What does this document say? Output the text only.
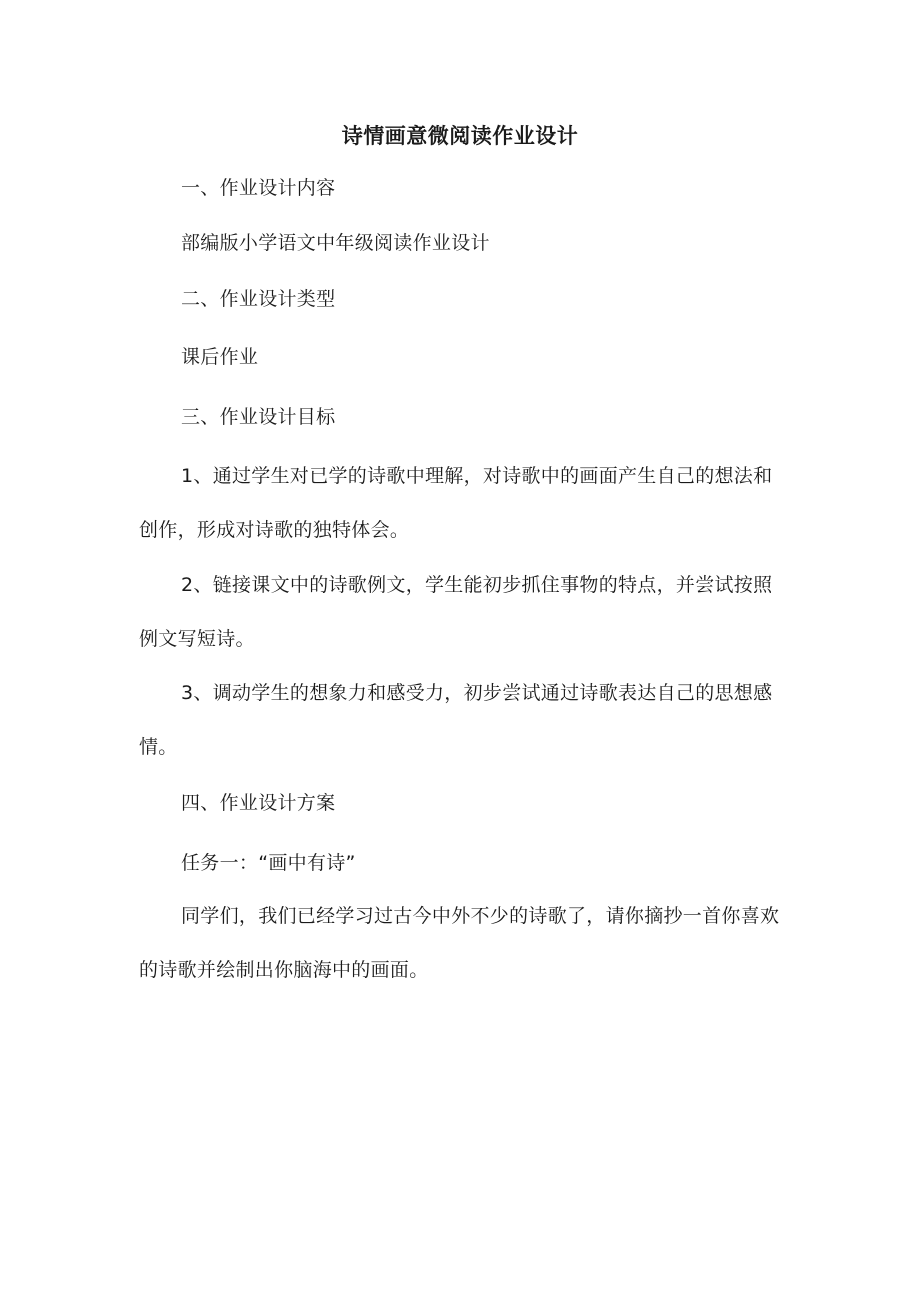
诗情画意微阅读作业设计
一、作业设计内容
部编版小学语文中年级阅读作业设计
二、作业设计类型
课后作业
三、作业设计目标
1、通过学生对已学的诗歌中理解，对诗歌中的画面产生自己的想法和创作，形成对诗歌的独特体会。
2、链接课文中的诗歌例文，学生能初步抓住事物的特点，并尝试按照例文写短诗。
3、调动学生的想象力和感受力，初步尝试通过诗歌表达自己的思想感情。
四、作业设计方案
任务一：“画中有诗”
同学们，我们已经学习过古今中外不少的诗歌了，请你摘抄一首你喜欢的诗歌并绘制出你脑海中的画面。
